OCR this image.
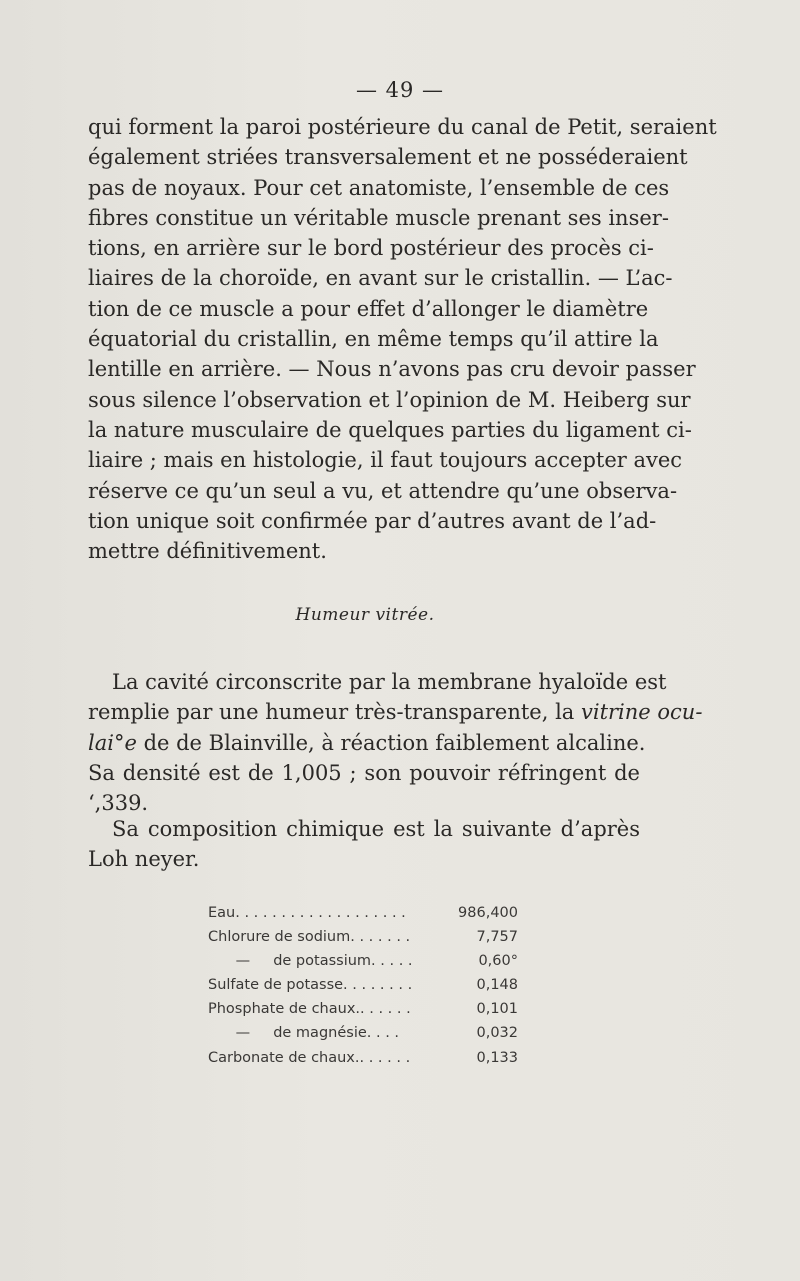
— 49 —
qui forment la paroi postérieure du canal de Petit, seraient
également striées transversalement et ne posséderaient
pas de noyaux. Pour cet anatomiste, l’ensemble de ces
fibres constitue un véritable muscle prenant ses inser-
tions, en arrière sur le bord postérieur des procès ci-
liaires de la choroïde, en avant sur le cristallin. — L’ac-
tion de ce muscle a pour effet d’allonger le diamètre
équatorial du cristallin, en même temps qu’il attire la
lentille en arrière. — Nous n’avons pas cru devoir passer
sous silence l’observation et l’opinion de M. Heiberg sur
la nature musculaire de quelques parties du ligament ci-
liaire ; mais en histologie, il faut toujours accepter avec
réserve ce qu’un seul a vu, et attendre qu’une observa-
tion unique soit confirmée par d’autres avant de l’ad-
mettre définitivement.
Humeur vitrée.
La cavité circonscrite par la membrane hyaloïde est
remplie par une humeur très-transparente, la vitrine ocu-
lai°e de de Blainville, à réaction faiblement alcaline.
Sa densité est de 1,005 ; son pouvoir réfringent de
‘,339.
Sa composition chimique est la suivante d’après
Loh neyer.
Eau. . . . . . . . . . . . . . . . . . .	986,400
Chlorure de sodium. . . . . . .	7,757
—     de potassium. . . . .	0,60°
Sulfate de potasse. . . . . . . .	0,148
Phosphate de chaux.. . . . . .	0,101
—     de magnésie. . . .	0,032
Carbonate de chaux.. . . . . .	0,133
